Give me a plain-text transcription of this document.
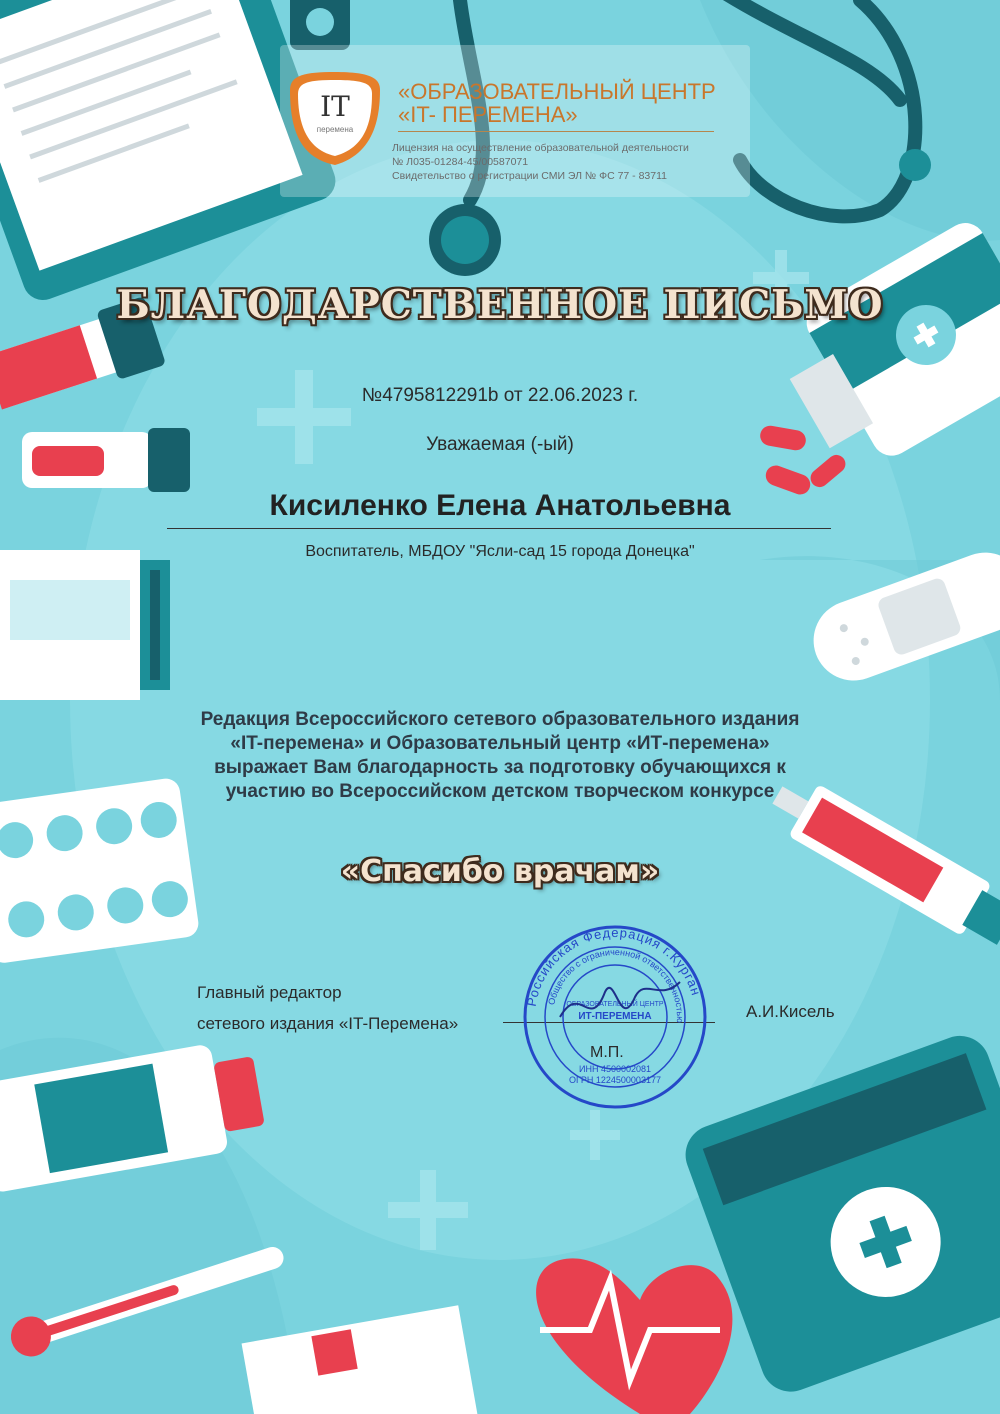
IT
перемена
«ОБРАЗОВАТЕЛЬНЫЙ ЦЕНТР «IT- ПЕРЕМЕНА»
Лицензия на осуществление образовательной деятельности
№ Л035-01284-45/00587071
Свидетельство о регистрации СМИ ЭЛ № ФС 77 - 83711
БЛАГОДАРСТВЕННОЕ ПИСЬМО
№4795812291b от 22.06.2023 г.
Уважаемая (-ый)
Кисиленко Елена Анатольевна
Воспитатель, МБДОУ "Ясли-сад 15 города Донецка"
Редакция Всероссийского сетевого образовательного издания
«IT-перемена» и Образовательный центр «ИТ-перемена»
выражает Вам благодарность за подготовку обучающихся к
участию во Всероссийском детском творческом конкурсе
«Спасибо врачам»
Главный редактор
сетевого издания «IT-Перемена»
Российская Федерация г.Курган
Общество с ограниченной ответственностью
ОБРАЗОВАТЕЛЬНЫЙ ЦЕНТР
ИТ-ПЕРЕМЕНА
ИНН 4500002081
ОГРН 1224500003177
М.П.
А.И.Кисель
